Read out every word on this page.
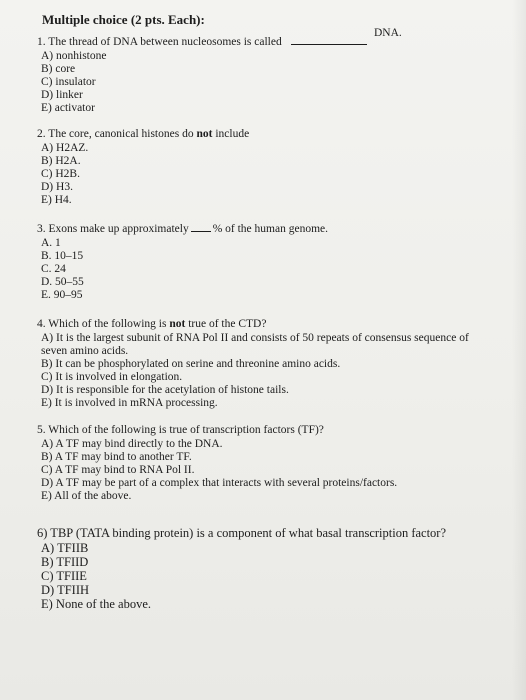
Multiple choice (2 pts. Each):
1. The thread of DNA between nucleosomes is called
A) nonhistone
B) core
C) insulator
D) linker
E) activator
DNA.
2. The core, canonical histones do not include
A) H2AZ.
B) H2A.
C) H2B.
D) H3.
E) H4.
3. Exons make up approximately % of the human genome.
A. 1
B. 10–15
C. 24
D. 50–55
E. 90–95
4. Which of the following is not true of the CTD?
A) It is the largest subunit of RNA Pol II and consists of 50 repeats of consensus sequence of seven amino acids.
B) It can be phosphorylated on serine and threonine amino acids.
C) It is involved in elongation.
D) It is responsible for the acetylation of histone tails.
E) It is involved in mRNA processing.
5. Which of the following is true of transcription factors (TF)?
A) A TF may bind directly to the DNA.
B) A TF may bind to another TF.
C) A TF may bind to RNA Pol II.
D) A TF may be part of a complex that interacts with several proteins/factors.
E) All of the above.
6) TBP (TATA binding protein) is a component of what basal transcription factor?
A) TFIIB
B) TFIID
C) TFIIE
D) TFIIH
E) None of the above.
